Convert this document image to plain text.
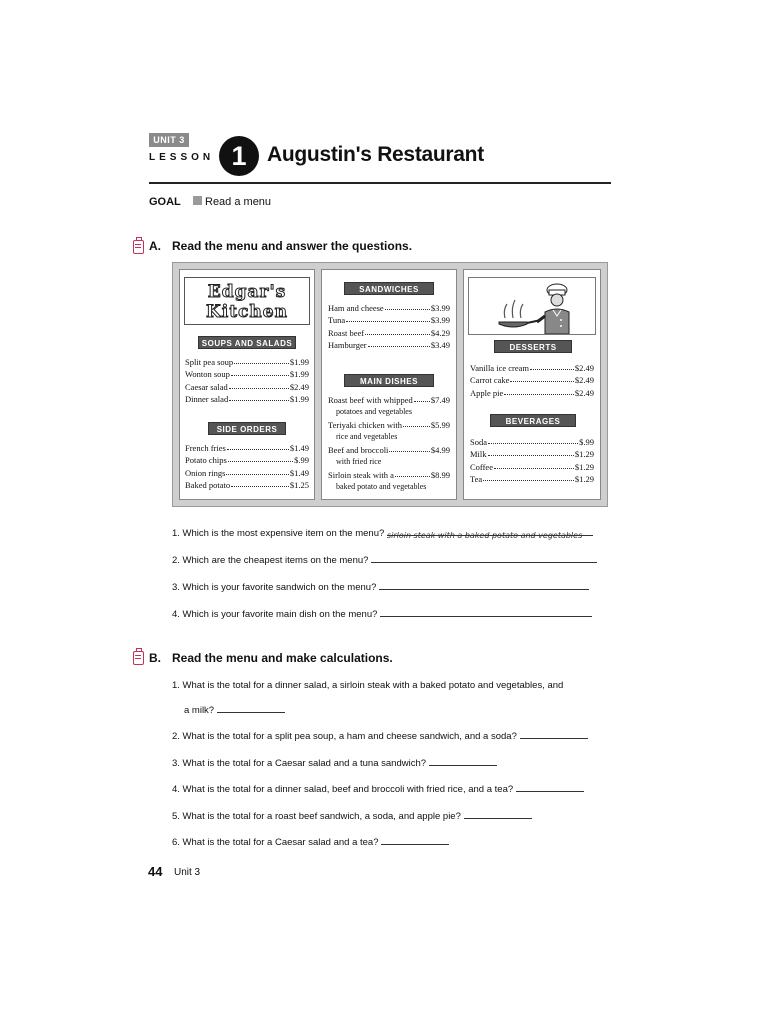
UNIT 3
LESSON 1 Augustin's Restaurant
GOAL Read a menu
A. Read the menu and answer the questions.
Edgar's
Kitchen
SOUPS AND SALADS
Split pea soup	$1.99
Wonton soup	$1.99
Caesar salad	$2.49
Dinner salad	$1.99
SIDE ORDERS
French fries	$1.49
Potato chips	$.99
Onion rings	$1.49
Baked potato	$1.25
SANDWICHES
Ham and cheese	$3.99
Tuna	$3.99
Roast beef	$4.29
Hamburger	$3.49
MAIN DISHES
Roast beef with whipped $7.49
potatoes and vegetables
Teriyaki chicken with	$5.99
rice and vegetables
Beef and broccoli	$4.99
with fried rice
Sirloin steak with a	$8.99
baked potato and vegetables
DESSERTS
Vanilla ice cream	$2.49
Carrot cake	$2.49
Apple pie	$2.49
BEVERAGES
Soda	$.99
Milk	$1.29
Coffee	$1.29
Tea	$1.29
1. Which is the most expensive item on the menu? sirloin steak with a baked potato and vegetables
2. Which are the cheapest items on the menu?
3. Which is your favorite sandwich on the menu?
4. Which is your favorite main dish on the menu?
B. Read the menu and make calculations.
1. What is the total for a dinner salad, a sirloin steak with a baked potato and vegetables, and
a milk?
2. What is the total for a split pea soup, a ham and cheese sandwich, and a soda?
3. What is the total for a Caesar salad and a tuna sandwich?
4. What is the total for a dinner salad, beef and broccoli with fried rice, and a tea?
5. What is the total for a roast beef sandwich, a soda, and apple pie?
6. What is the total for a Caesar salad and a tea?
44 Unit 3
